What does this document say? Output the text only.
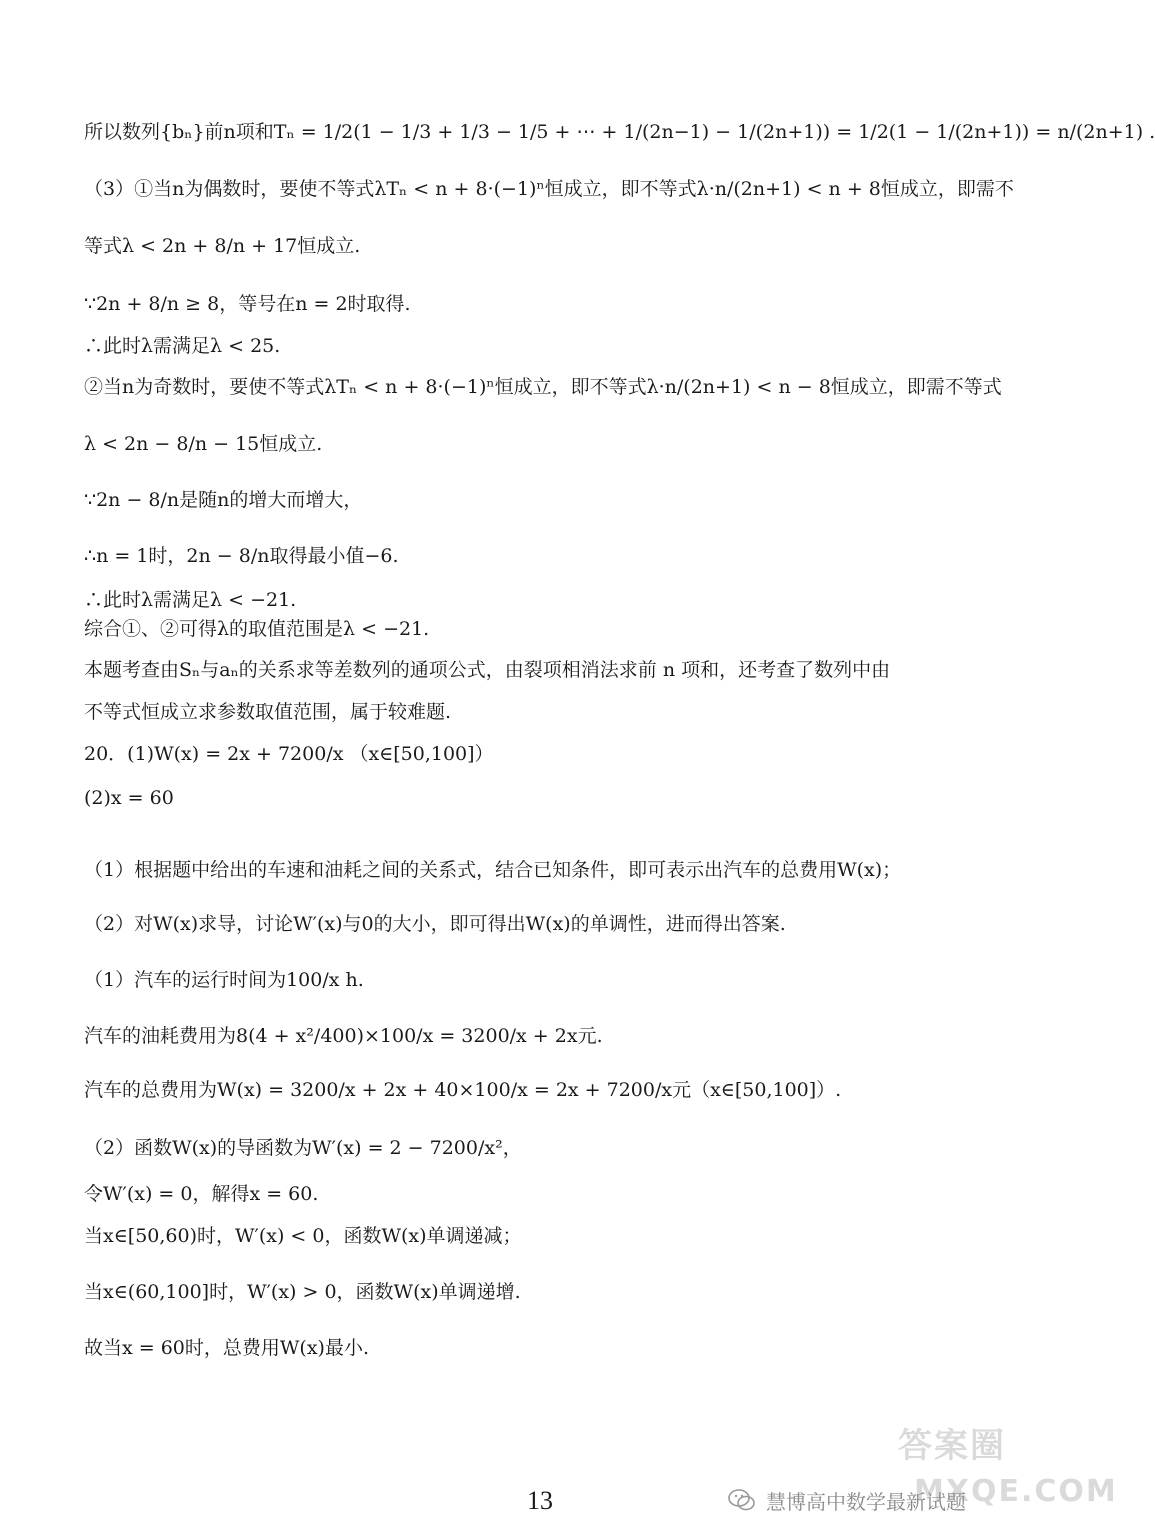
所以数列{bₙ}前n项和Tₙ = 1/2(1 − 1/3 + 1/3 − 1/5 + ⋯ + 1/(2n−1) − 1/(2n+1)) = 1/2(1 − 1/(2n+1)) = n/(2n+1) .
（3）①当n为偶数时，要使不等式λTₙ < n + 8·(−1)ⁿ恒成立，即不等式λ·n/(2n+1) < n + 8恒成立，即需不
等式λ < 2n + 8/n + 17恒成立.
∵2n + 8/n ≥ 8，等号在n = 2时取得.
∴此时λ需满足λ < 25.
②当n为奇数时，要使不等式λTₙ < n + 8·(−1)ⁿ恒成立，即不等式λ·n/(2n+1) < n − 8恒成立，即需不等式
λ < 2n − 8/n − 15恒成立.
∵2n − 8/n是随n的增大而增大，
∴n = 1时，2n − 8/n取得最小值−6.
∴此时λ需满足λ < −21.
综合①、②可得λ的取值范围是λ < −21.
本题考查由Sₙ与aₙ的关系求等差数列的通项公式，由裂项相消法求前 n 项和，还考查了数列中由
不等式恒成立求参数取值范围，属于较难题.
20．(1)W(x) = 2x + 7200/x （x∈[50,100]）
(2)x = 60
（1）根据题中给出的车速和油耗之间的关系式，结合已知条件，即可表示出汽车的总费用W(x)；
（2）对W(x)求导，讨论W′(x)与0的大小，即可得出W(x)的单调性，进而得出答案.
（1）汽车的运行时间为100/x h.
汽车的油耗费用为8(4 + x²/400)×100/x = 3200/x + 2x元.
汽车的总费用为W(x) = 3200/x + 2x + 40×100/x = 2x + 7200/x元（x∈[50,100]）.
（2）函数W(x)的导函数为W′(x) = 2 − 7200/x²，
令W′(x) = 0，解得x = 60.
当x∈[50,60)时，W′(x) < 0，函数W(x)单调递减；
当x∈(60,100]时，W′(x) > 0，函数W(x)单调递增.
故当x = 60时，总费用W(x)最小.
13	慧博高中数学最新试题
答案圈
MXQE.COM
